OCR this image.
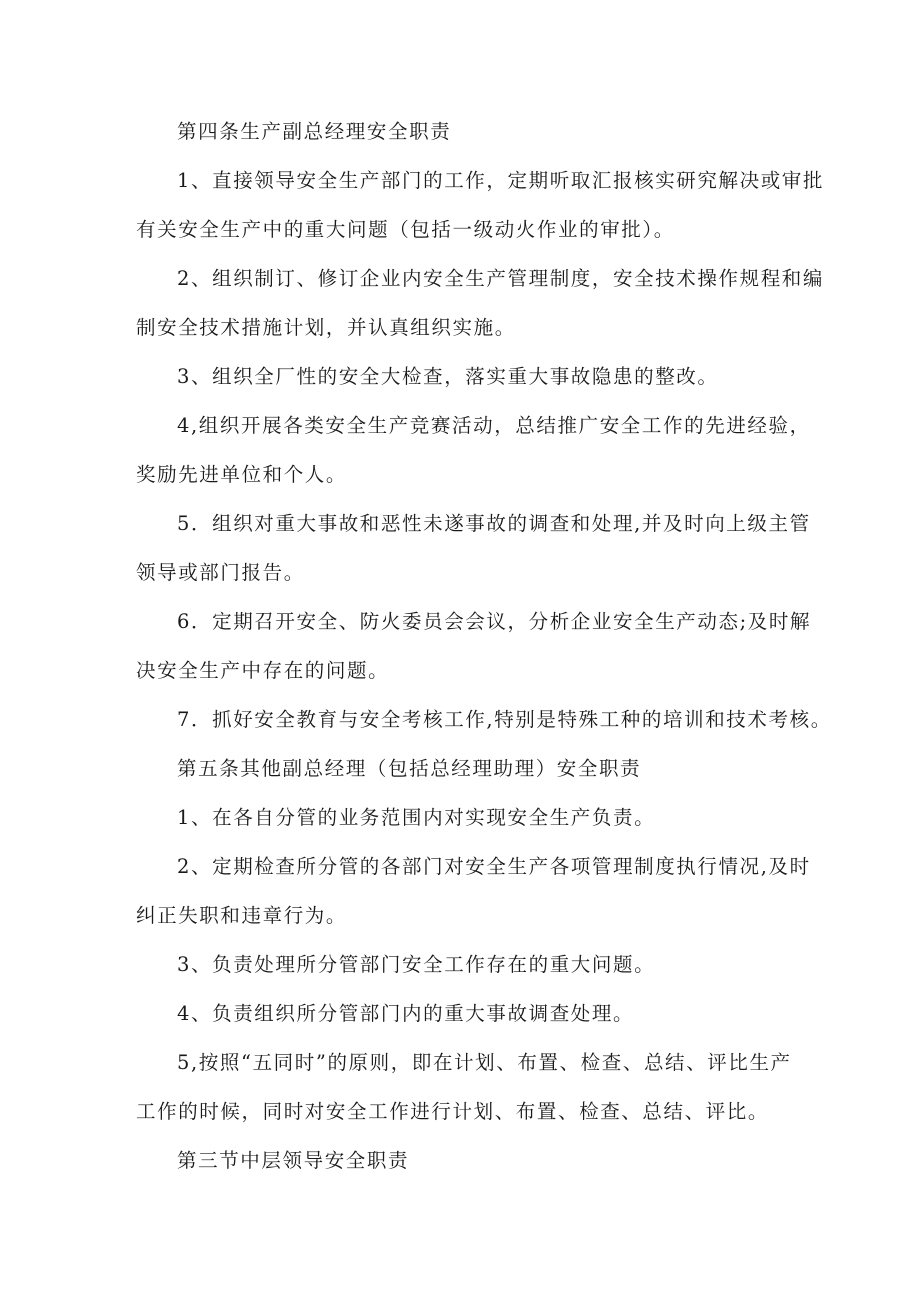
第四条生产副总经理安全职责
1、直接领导安全生产部门的工作，定期听取汇报核实研究解决或审批
有关安全生产中的重大问题（包括一级动火作业的审批）。
2、组织制订、修订企业内安全生产管理制度，安全技术操作规程和编
制安全技术措施计划，并认真组织实施。
3、组织全厂性的安全大检查，落实重大事故隐患的整改。
4,组织开展各类安全生产竞赛活动，总结推广安全工作的先进经验，
奖励先进单位和个人。
5．组织对重大事故和恶性未遂事故的调查和处理,并及时向上级主管
领导或部门报告。
6．定期召开安全、防火委员会会议，分析企业安全生产动态;及时解
决安全生产中存在的问题。
7．抓好安全教育与安全考核工作,特别是特殊工种的培训和技术考核。
第五条其他副总经理（包括总经理助理）安全职责
1、在各自分管的业务范围内对实现安全生产负责。
2、定期检查所分管的各部门对安全生产各项管理制度执行情况,及时
纠正失职和违章行为。
3、负责处理所分管部门安全工作存在的重大问题。
4、负责组织所分管部门内的重大事故调查处理。
5,按照“五同时”的原则，即在计划、布置、检查、总结、评比生产
工作的时候，同时对安全工作进行计划、布置、检查、总结、评比。
第三节中层领导安全职责
